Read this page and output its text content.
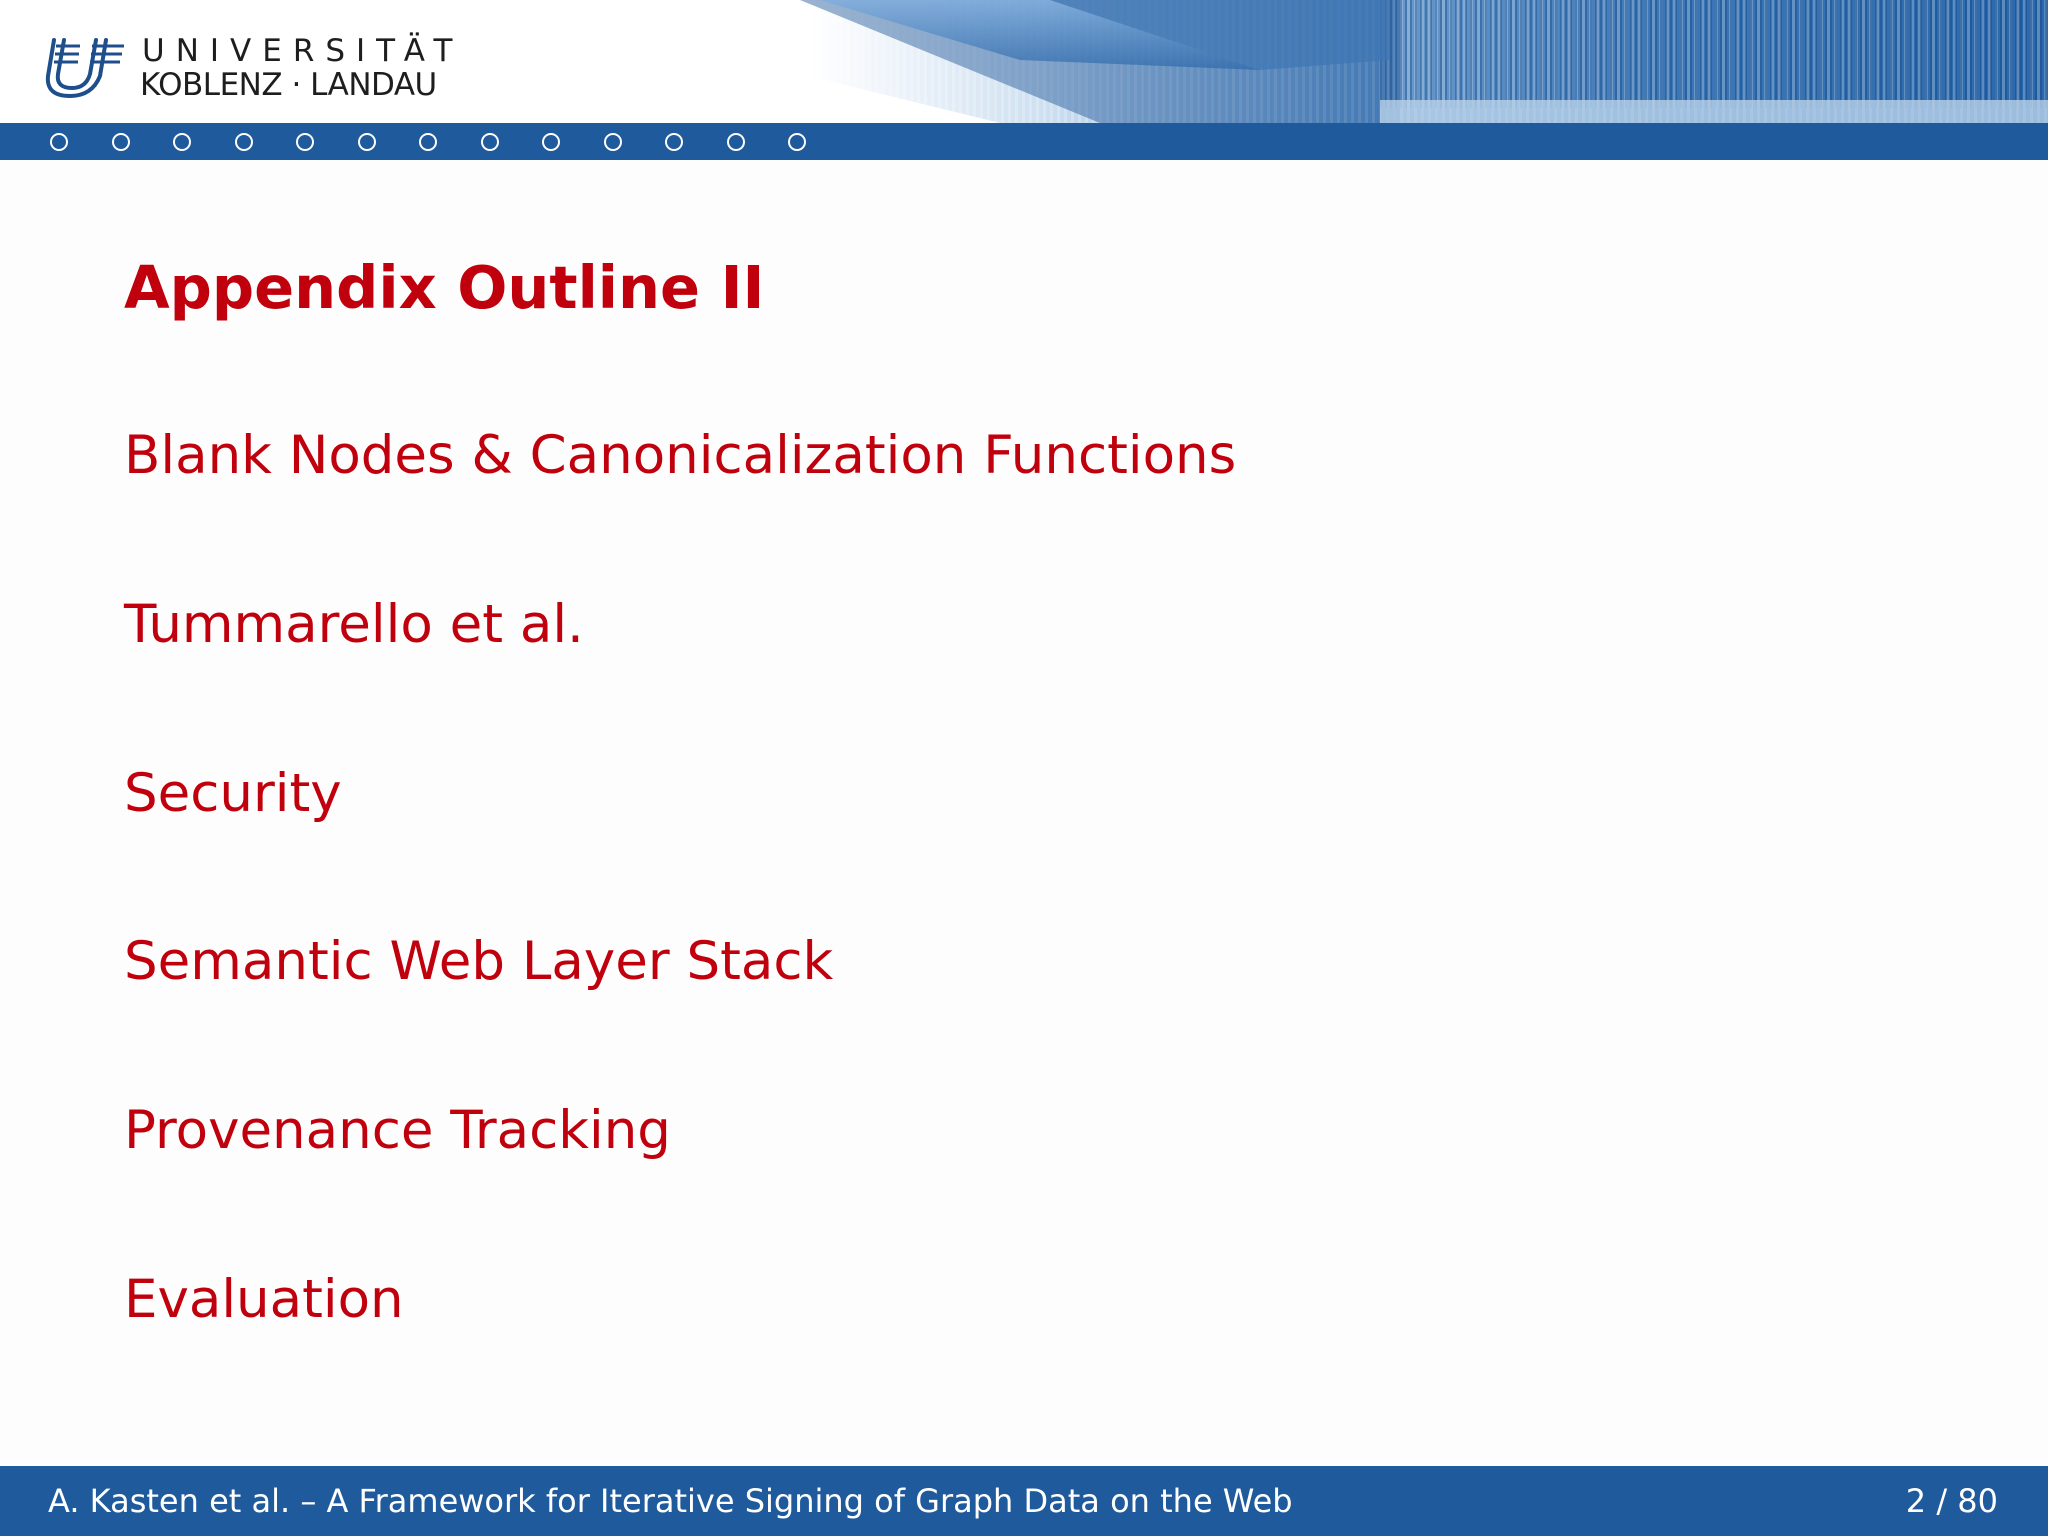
UNIVERSITÄT
KOBLENZ · LANDAU
Appendix Outline II
Blank Nodes & Canonicalization Functions
Tummarello et al.
Security
Semantic Web Layer Stack
Provenance Tracking
Evaluation
A. Kasten et al. – A Framework for Iterative Signing of Graph Data on the Web	2 / 80
